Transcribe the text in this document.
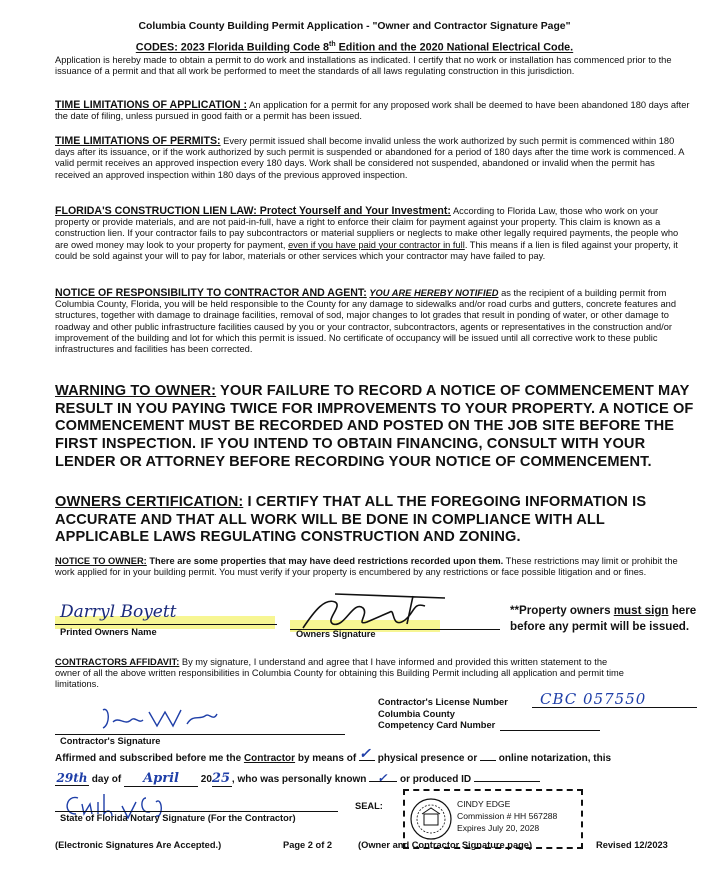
Columbia County Building Permit Application - "Owner and Contractor Signature Page"
CODES: 2023 Florida Building Code 8th Edition and the 2020 National Electrical Code.
Application is hereby made to obtain a permit to do work and installations as indicated. I certify that no work or installation has commenced prior to the issuance of a permit and that all work be performed to meet the standards of all laws regulating construction in this jurisdiction.
TIME LIMITATIONS OF APPLICATION : An application for a permit for any proposed work shall be deemed to have been abandoned 180 days after the date of filing, unless pursued in good faith or a permit has been issued.
TIME LIMITATIONS OF PERMITS: Every permit issued shall become invalid unless the work authorized by such permit is commenced within 180 days after its issuance, or if the work authorized by such permit is suspended or abandoned for a period of 180 days after the time work is commenced. A valid permit receives an approved inspection every 180 days. Work shall be considered not suspended, abandoned or invalid when the permit has received an approved inspection within 180 days of the previous approved inspection.
FLORIDA'S CONSTRUCTION LIEN LAW: Protect Yourself and Your Investment: According to Florida Law, those who work on your property or provide materials, and are not paid-in-full, have a right to enforce their claim for payment against your property. This claim is known as a construction lien. If your contractor fails to pay subcontractors or material suppliers or neglects to make other legally required payments, the people who are owed money may look to your property for payment, even if you have paid your contractor in full. This means if a lien is filed against your property, it could be sold against your will to pay for labor, materials or other services which your contractor may have failed to pay.
NOTICE OF RESPONSIBILITY TO CONTRACTOR AND AGENT: YOU ARE HEREBY NOTIFIED as the recipient of a building permit from Columbia County, Florida, you will be held responsible to the County for any damage to sidewalks and/or road curbs and gutters, concrete features and structures, together with damage to drainage facilities, removal of sod, major changes to lot grades that result in ponding of water, or other damage to roadway and other public infrastructure facilities caused by you or your contractor, subcontractors, agents or representatives in the construction and/or improvement of the building and lot for which this permit is issued. No certificate of occupancy will be issued until all corrective work to these public infrastructures and facilities has been corrected.
WARNING TO OWNER: YOUR FAILURE TO RECORD A NOTICE OF COMMENCEMENT MAY RESULT IN YOU PAYING TWICE FOR IMPROVEMENTS TO YOUR PROPERTY. A NOTICE OF COMMENCEMENT MUST BE RECORDED AND POSTED ON THE JOB SITE BEFORE THE FIRST INSPECTION. IF YOU INTEND TO OBTAIN FINANCING, CONSULT WITH YOUR LENDER OR ATTORNEY BEFORE RECORDING YOUR NOTICE OF COMMENCEMENT.
OWNERS CERTIFICATION: I CERTIFY THAT ALL THE FOREGOING INFORMATION IS ACCURATE AND THAT ALL WORK WILL BE DONE IN COMPLIANCE WITH ALL APPLICABLE LAWS REGULATING CONSTRUCTION AND ZONING.
NOTICE TO OWNER: There are some properties that may have deed restrictions recorded upon them. These restrictions may limit or prohibit the work applied for in your building permit. You must verify if your property is encumbered by any restrictions or face possible litigation and or fines.
Darryl Boyett
Printed Owners Name	Owners Signature
**Property owners must sign here before any permit will be issued.
CONTRACTORS AFFIDAVIT: By my signature, I understand and agree that I have informed and provided this written statement to the owner of all the above written responsibilities in Columbia County for obtaining this Building Permit including all application and permit time limitations.
Contractor's License Number CBC 057550
Columbia County
Competency Card Number
Contractor's Signature
Affirmed and subscribed before me the Contractor by means of ✓ physical presence or  online notarization, this
29th day of April 2025 , who was personally known ✓ or produced ID
State of Florida Notary Signature (For the Contractor)
SEAL:	CINDY EDGE
Commission # HH 567288
Expires July 20, 2028
(Electronic Signatures Are Accepted.)	Page 2 of 2	(Owner and Contractor Signature page)	Revised 12/2023
